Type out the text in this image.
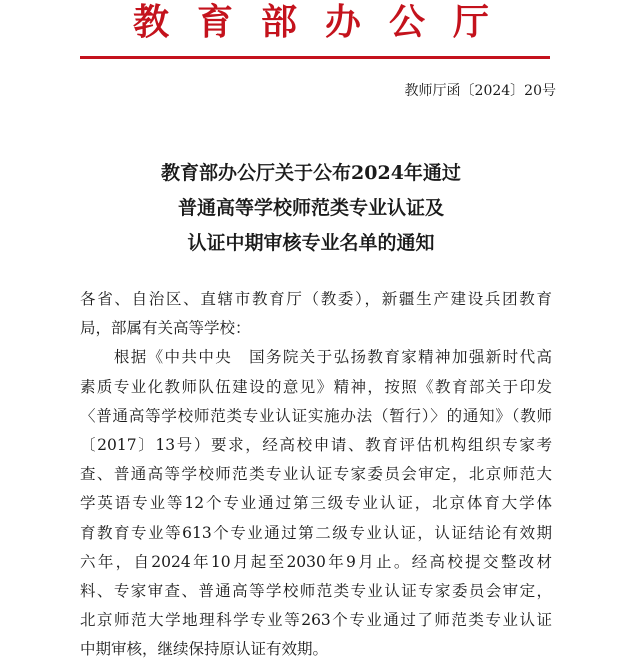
教育部办公厅
教师厅函〔2024〕20号
教育部办公厅关于公布2024年通过
普通高等学校师范类专业认证及
认证中期审核专业名单的通知
各省、自治区、直辖市教育厅（教委），新疆生产建设兵团教育
局，部属有关高等学校：
　　根据《中共中央　国务院关于弘扬教育家精神加强新时代高
素质专业化教师队伍建设的意见》精神，按照《教育部关于印发
〈普通高等学校师范类专业认证实施办法（暂行）〉的通知》（教师
〔2017〕13号）要求，经高校申请、教育评估机构组织专家考
查、普通高等学校师范类专业认证专家委员会审定，北京师范大
学英语专业等12个专业通过第三级专业认证，北京体育大学体
育教育专业等613个专业通过第二级专业认证，认证结论有效期
六年，自2024年10月起至2030年9月止。经高校提交整改材
料、专家审查、普通高等学校师范类专业认证专家委员会审定，
北京师范大学地理科学专业等263个专业通过了师范类专业认证
中期审核，继续保持原认证有效期。
